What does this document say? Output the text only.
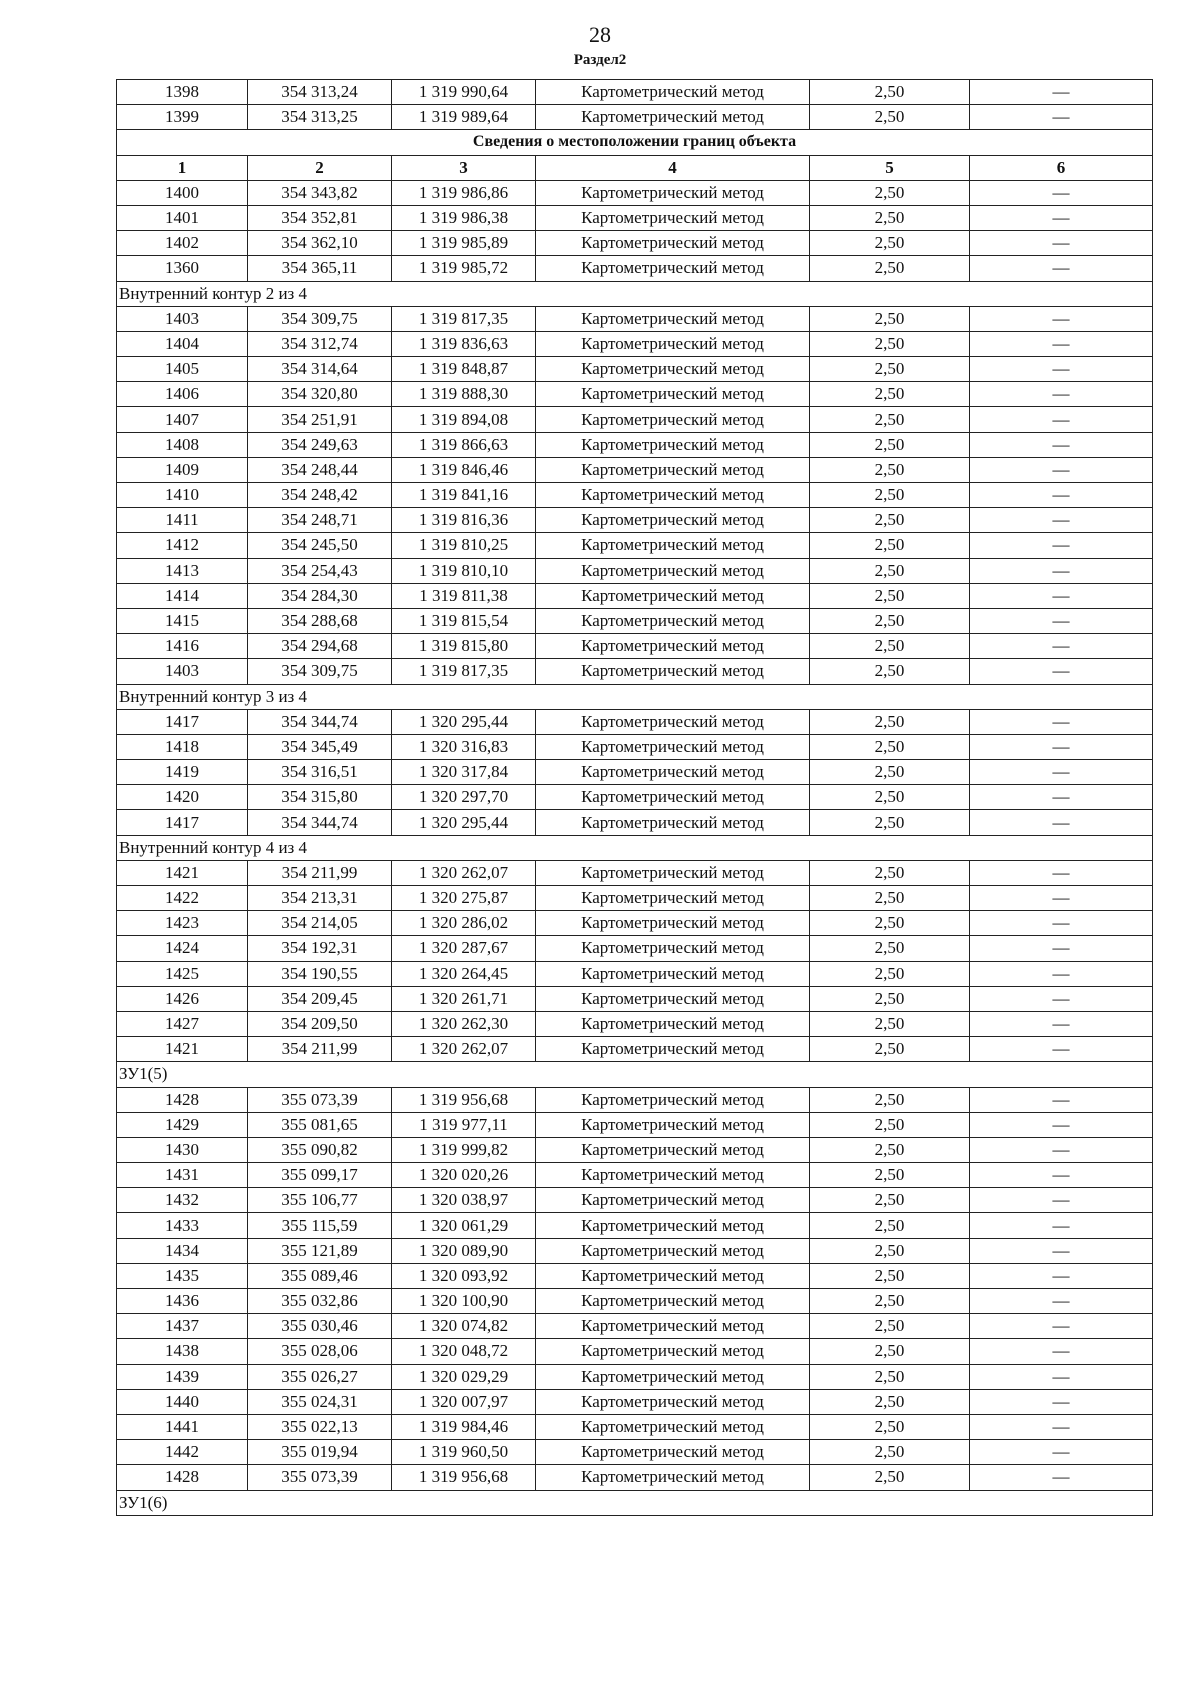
28
Раздел2
1398	354 313,24	1 319 990,64	Картометрический метод	2,50	—
1399	354 313,25	1 319 989,64	Картометрический метод	2,50	—
Сведения о местоположении границ объекта					
1	2	3	4	5	6
1400	354 343,82	1 319 986,86	Картометрический метод	2,50	—
1401	354 352,81	1 319 986,38	Картометрический метод	2,50	—
1402	354 362,10	1 319 985,89	Картометрический метод	2,50	—
1360	354 365,11	1 319 985,72	Картометрический метод	2,50	—
Внутренний контур 2 из 4					
1403	354 309,75	1 319 817,35	Картометрический метод	2,50	—
1404	354 312,74	1 319 836,63	Картометрический метод	2,50	—
1405	354 314,64	1 319 848,87	Картометрический метод	2,50	—
1406	354 320,80	1 319 888,30	Картометрический метод	2,50	—
1407	354 251,91	1 319 894,08	Картометрический метод	2,50	—
1408	354 249,63	1 319 866,63	Картометрический метод	2,50	—
1409	354 248,44	1 319 846,46	Картометрический метод	2,50	—
1410	354 248,42	1 319 841,16	Картометрический метод	2,50	—
1411	354 248,71	1 319 816,36	Картометрический метод	2,50	—
1412	354 245,50	1 319 810,25	Картометрический метод	2,50	—
1413	354 254,43	1 319 810,10	Картометрический метод	2,50	—
1414	354 284,30	1 319 811,38	Картометрический метод	2,50	—
1415	354 288,68	1 319 815,54	Картометрический метод	2,50	—
1416	354 294,68	1 319 815,80	Картометрический метод	2,50	—
1403	354 309,75	1 319 817,35	Картометрический метод	2,50	—
Внутренний контур 3 из 4					
1417	354 344,74	1 320 295,44	Картометрический метод	2,50	—
1418	354 345,49	1 320 316,83	Картометрический метод	2,50	—
1419	354 316,51	1 320 317,84	Картометрический метод	2,50	—
1420	354 315,80	1 320 297,70	Картометрический метод	2,50	—
1417	354 344,74	1 320 295,44	Картометрический метод	2,50	—
Внутренний контур 4 из 4					
1421	354 211,99	1 320 262,07	Картометрический метод	2,50	—
1422	354 213,31	1 320 275,87	Картометрический метод	2,50	—
1423	354 214,05	1 320 286,02	Картометрический метод	2,50	—
1424	354 192,31	1 320 287,67	Картометрический метод	2,50	—
1425	354 190,55	1 320 264,45	Картометрический метод	2,50	—
1426	354 209,45	1 320 261,71	Картометрический метод	2,50	—
1427	354 209,50	1 320 262,30	Картометрический метод	2,50	—
1421	354 211,99	1 320 262,07	Картометрический метод	2,50	—
ЗУ1(5)					
1428	355 073,39	1 319 956,68	Картометрический метод	2,50	—
1429	355 081,65	1 319 977,11	Картометрический метод	2,50	—
1430	355 090,82	1 319 999,82	Картометрический метод	2,50	—
1431	355 099,17	1 320 020,26	Картометрический метод	2,50	—
1432	355 106,77	1 320 038,97	Картометрический метод	2,50	—
1433	355 115,59	1 320 061,29	Картометрический метод	2,50	—
1434	355 121,89	1 320 089,90	Картометрический метод	2,50	—
1435	355 089,46	1 320 093,92	Картометрический метод	2,50	—
1436	355 032,86	1 320 100,90	Картометрический метод	2,50	—
1437	355 030,46	1 320 074,82	Картометрический метод	2,50	—
1438	355 028,06	1 320 048,72	Картометрический метод	2,50	—
1439	355 026,27	1 320 029,29	Картометрический метод	2,50	—
1440	355 024,31	1 320 007,97	Картометрический метод	2,50	—
1441	355 022,13	1 319 984,46	Картометрический метод	2,50	—
1442	355 019,94	1 319 960,50	Картометрический метод	2,50	—
1428	355 073,39	1 319 956,68	Картометрический метод	2,50	—
ЗУ1(6)					
